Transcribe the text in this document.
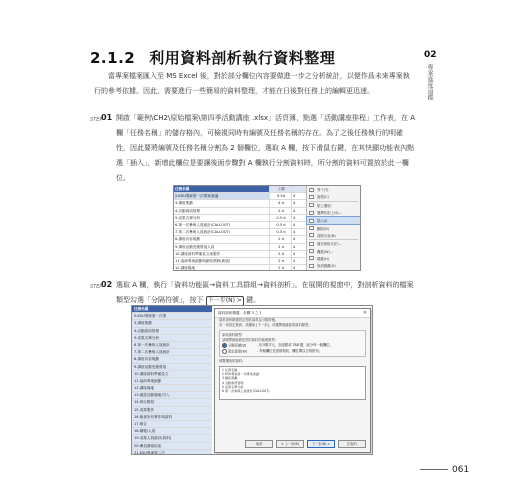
2.1.2 利用資料剖析執行資料整理	02
專案進度追蹤

當專案檔案匯入至 MS Excel 後，對於部分欄位內容要做進一步之分析統計，以便作爲未來專案執行的參考依據。因此，需要進行一些簡易的資料整理，才能在日後對任務上的編輯更迅速。

STEP
01 開啟「範例\CH2\原始檔案\第四季活動講座 .xlsx」活頁簿，點選「活動講座排程」工作表，在 A 欄「任務名稱」的儲存格內，可檢視同時有編號及任務名稱的存在。為了之後任務執行的明確性，因此要將編號及任務名稱分割為 2 個欄位，選取 A 欄，按下滑鼠右鍵，在其快顯功能表內點選「插入」，新增此欄位是要讓後面步驟對 A 欄執行分割資料時，所分割的資料可置放於此一欄位。

任務名稱	工期
2.KSU專案第一次專案會議	0.5d	4
3.講座策劃	4 d	4
4.活動資訊管理	2 d	4
5.成果名單分析	0.5 d	4
6.第一次參與人員統計(CALLOUT)	0.5 d	4
7.第二次參與人員統計(CALLOUT)	0.5 d	4
8.講座內容規劃	2 d	4
9.講座活動受邀貴賓人員	2 d	4
10.講座資料準備及文案製作	2 d	4
11.協商專案細節與網站開發(新版)	2 d	4
12.講座場地	2 d	4
剪下(T)
複製(C)
貼上選項:
選擇性貼上(S)...
插入(I)
刪除(D)
清除內容(N)
儲存格格式(F)...
欄寬(W)...
隱藏(H)
取消隱藏(U)
STEP
02 選取 A 欄，執行「資料功能區→資料工具群組→資料剖析」。在展開的視窗中，對剖析資料的檔案類型勾選「分隔符號」，按下 下一步(N) > 鍵。

任務名稱
2.KSU專案第一次專
3.講座策劃
4.活動資訊管理
5.成果名單分析
6.第一次參與人員統計
7.第二次參與人員統計
8.講座內容規劃
9.講座活動受邀貴賓
10.講座資料準備及文
11.協商專案細節
12.講座場地
13.確認活動場地/引入
14.執行階段
15.成果製作
16.檢查所有實作與資料
17.報告
18.陳報/人員
19.成果人員統計(資料)
20.參加講座結束
21.KSU專案第二次
資料剖析精靈 - 步驟 3 之 1	✕
資料剖析精靈判定您的資料為分隔符號。
若一切設定無誤，請選取 [下一步]，或選擇最適當的資料類型。
原始資料類型
請選擇最能描述您的資料的檔案類型:
分隔符號(D)	- 用分隔字元，如逗點或 TAB 鍵，區分每一個欄位。
固定寬度(W)	- 每個欄位長度都相同，欄位間以空格排列。
預覽選取的資料:
1 任務名稱
2 KSU專案第一次專案會議
3 講座策劃
4 活動資訊管理
5 成果名單分析
6 第一次參與人員統計(CALLOUT)
取消	< 上一步(B)	下一步(N) >	完成(F)
061
